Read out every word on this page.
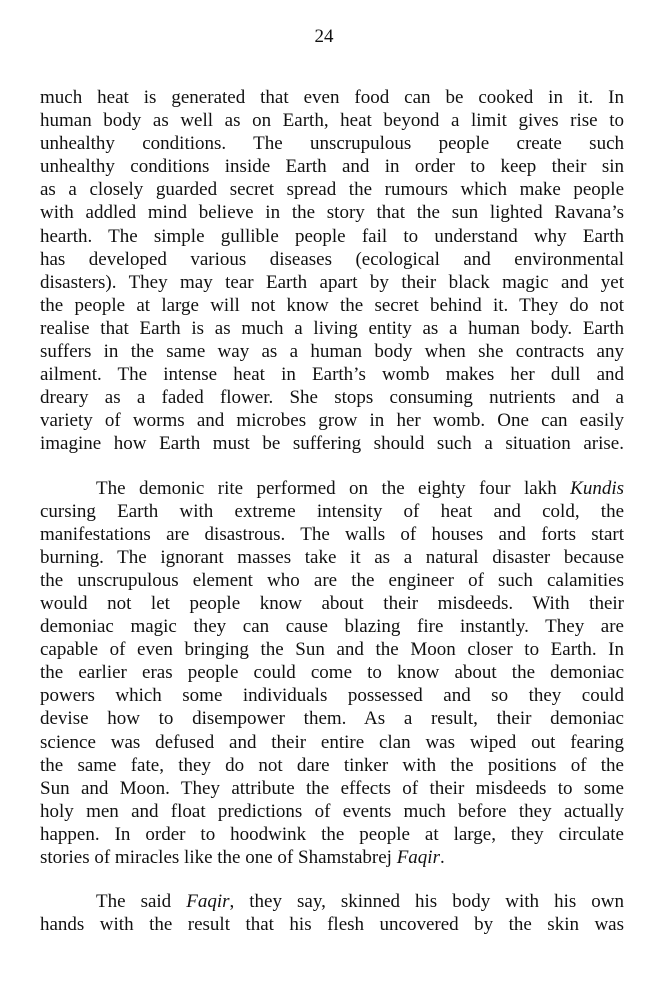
24

much heat is generated that even food can be cooked in it. In
human body as well as on Earth, heat beyond a limit gives rise to
unhealthy conditions. The unscrupulous people create such
unhealthy conditions inside Earth and in order to keep their sin
as a closely guarded secret spread the rumours which make people
with addled mind believe in the story that the sun lighted Ravana’s
hearth. The simple gullible people fail to understand why Earth
has developed various diseases (ecological and environmental
disasters). They may tear Earth apart by their black magic and yet
the people at large will not know the secret behind it. They do not
realise that Earth is as much a living entity as a human body. Earth
suffers in the same way as a human body when she contracts any
ailment. The intense heat in Earth’s womb makes her dull and
dreary as a faded flower. She stops consuming nutrients and a
variety of worms and microbes grow in her womb. One can easily
imagine how Earth must be suffering should such a situation arise.

The demonic rite performed on the eighty four lakh Kundis
cursing Earth with extreme intensity of heat and cold, the
manifestations are disastrous. The walls of houses and forts start
burning. The ignorant masses take it as a natural disaster because
the unscrupulous element who are the engineer of such calamities
would not let people know about their misdeeds. With their
demoniac magic they can cause blazing fire instantly. They are
capable of even bringing the Sun and the Moon closer to Earth. In
the earlier eras people could come to know about the demoniac
powers which some individuals possessed and so they could
devise how to disempower them. As a result, their demoniac
science was defused and their entire clan was wiped out fearing
the same fate, they do not dare tinker with the positions of the
Sun and Moon. They attribute the effects of their misdeeds to some
holy men and float predictions of events much before they actually
happen. In order to hoodwink the people at large, they circulate
stories of miracles like the one of Shamstabrej Faqir.

The said Faqir, they say, skinned his body with his own
hands with the result that his flesh uncovered by the skin was
